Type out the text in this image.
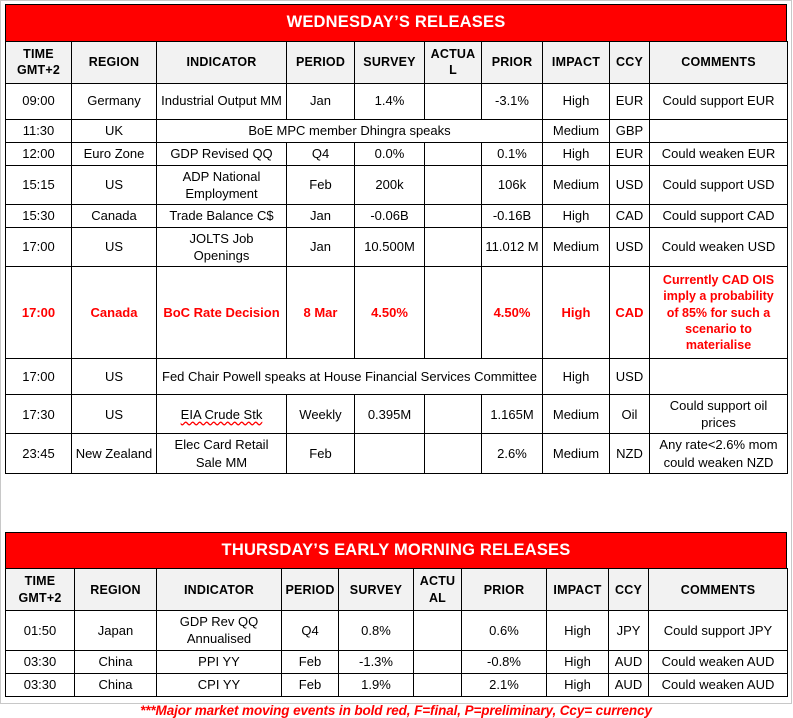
WEDNESDAY’S RELEASES
TIME GMT+2	REGION	INDICATOR	PERIOD	SURVEY	ACTUAL	PRIOR	IMPACT	CCY	COMMENTS
09:00	Germany	Industrial Output MM	Jan	1.4%		-3.1%	High	EUR	Could support EUR
11:30	UK	BoE MPC member Dhingra speaks					Medium	GBP	
12:00	Euro Zone	GDP Revised QQ	Q4	0.0%		0.1%	High	EUR	Could weaken EUR
15:15	US	ADP National Employment	Feb	200k		106k	Medium	USD	Could support USD
15:30	Canada	Trade Balance C$	Jan	-0.06B		-0.16B	High	CAD	Could support CAD
17:00	US	JOLTS Job Openings	Jan	10.500M		11.012 M	Medium	USD	Could weaken USD
17:00	Canada	BoC Rate Decision	8 Mar	4.50%		4.50%	High	CAD	Currently CAD OIS imply a probability of 85% for such a scenario to materialise
17:00	US	Fed Chair Powell speaks at House Financial Services Committee					High	USD	
17:30	US	EIA Crude Stk	Weekly	0.395M		1.165M	Medium	Oil	Could support oil prices
23:45	New Zealand	Elec Card Retail Sale MM	Feb			2.6%	Medium	NZD	Any rate<2.6% mom could weaken NZD
THURSDAY’S EARLY MORNING RELEASES
TIME GMT+2	REGION	INDICATOR	PERIOD	SURVEY	ACTUAL	PRIOR	IMPACT	CCY	COMMENTS
01:50	Japan	GDP Rev QQ Annualised	Q4	0.8%		0.6%	High	JPY	Could support JPY
03:30	China	PPI YY	Feb	-1.3%		-0.8%	High	AUD	Could weaken AUD
03:30	China	CPI YY	Feb	1.9%		2.1%	High	AUD	Could weaken AUD
***Major market moving events in bold red, F=final, P=preliminary, Ccy= currency
